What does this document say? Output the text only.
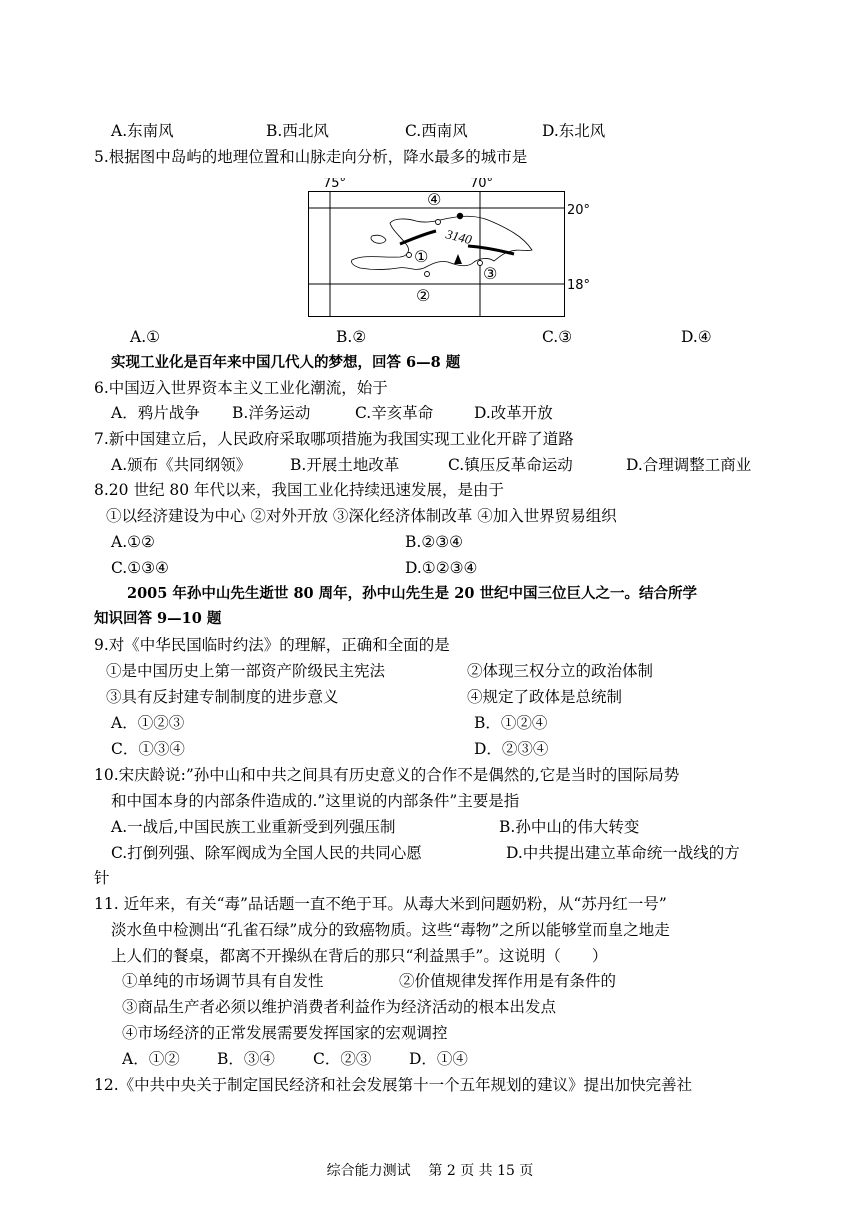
A.东南风	B.西北风	C.西南风	D.东北风
5.根据图中岛屿的地理位置和山脉走向分析，降水最多的城市是
3140
④
①
③
②
75°	70°
20°
18°
A.①	B.②	C.③	D.④
实现工业化是百年来中国几代人的梦想，回答 6—8 题
6.中国迈入世界资本主义工业化潮流，始于
A．鸦片战争 B.洋务运动	C.辛亥革命	D.改革开放
7.新中国建立后，人民政府采取哪项措施为我国实现工业化开辟了道路
A.颁布《共同纲领》	B.开展土地改革	C.镇压反革命运动	D.合理调整工商业
8.20 世纪 80 年代以来，我国工业化持续迅速发展，是由于
①以经济建设为中心 ②对外开放 ③深化经济体制改革 ④加入世界贸易组织
A.①②	B.②③④
C.①③④	D.①②③④
2005 年孙中山先生逝世 80 周年，孙中山先生是 20 世纪中国三位巨人之一。结合所学
知识回答 9—10 题
9.对《中华民国临时约法》的理解，正确和全面的是
①是中国历史上第一部资产阶级民主宪法	②体现三权分立的政治体制
③具有反封建专制制度的进步意义	④规定了政体是总统制
A．①②③	B．①②④
C．①③④	D．②③④
10.宋庆龄说:”孙中山和中共之间具有历史意义的合作不是偶然的,它是当时的国际局势
和中国本身的内部条件造成的.”这里说的内部条件”主要是指
A.一战后,中国民族工业重新受到列强压制	B.孙中山的伟大转变
C.打倒列强、除军阀成为全国人民的共同心愿	D.中共提出建立革命统一战线的方
针
11. 近年来，有关“毒”品话题一直不绝于耳。从毒大米到问题奶粉，从“苏丹红一号”
淡水鱼中检测出“孔雀石绿”成分的致癌物质。这些“毒物”之所以能够堂而皇之地走
上人们的餐桌，都离不开操纵在背后的那只“利益黑手”。这说明（　　）
①单纯的市场调节具有自发性	②价值规律发挥作用是有条件的
③商品生产者必须以维护消费者利益作为经济活动的根本出发点
④市场经济的正常发展需要发挥国家的宏观调控
A．①② B．③④ C．②③ D．①④
12.《中共中央关于制定国民经济和社会发展第十一个五年规划的建议》提出加快完善社
综合能力测试 第 2 页 共 15 页
